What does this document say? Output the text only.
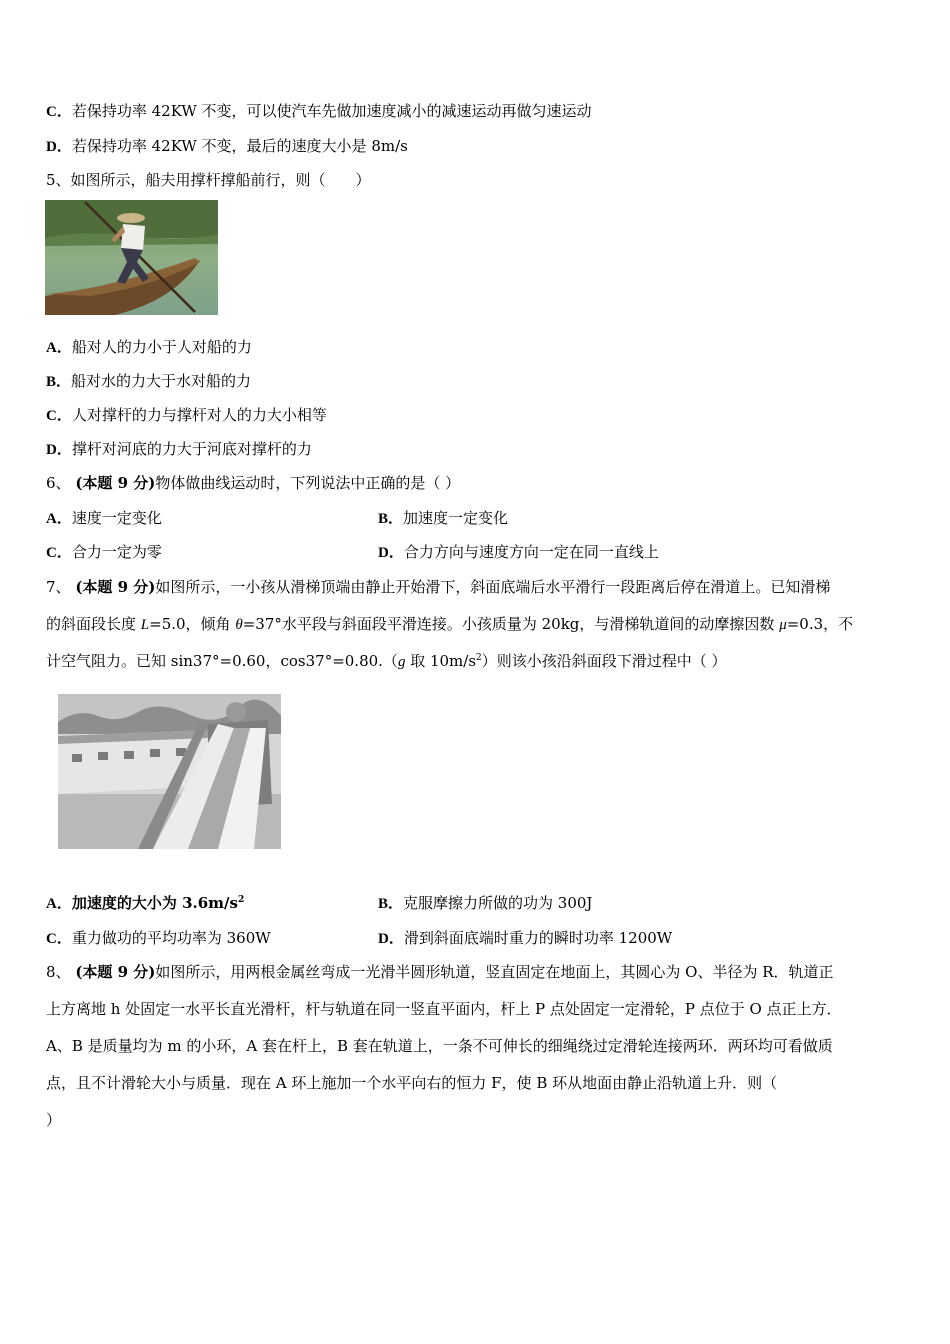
C．若保持功率 42KW 不变，可以使汽车先做加速度减小的减速运动再做匀速运动
D．若保持功率 42KW 不变，最后的速度大小是 8m/s
5、如图所示，船夫用撑杆撑船前行，则（　　）
A．船对人的力小于人对船的力
B．船对水的力大于水对船的力
C．人对撑杆的力与撑杆对人的力大小相等
D．撑杆对河底的力大于河底对撑杆的力
6、 (本题 9 分)物体做曲线运动时，下列说法中正确的是（ ）
A．速度一定变化	B．加速度一定变化
C．合力一定为零	D．合力方向与速度方向一定在同一直线上
7、 (本题 9 分)如图所示，一小孩从滑梯顶端由静止开始滑下，斜面底端后水平滑行一段距离后停在滑道上。已知滑梯
的斜面段长度 L=5.0，倾角 θ=37°水平段与斜面段平滑连接。小孩质量为 20kg，与滑梯轨道间的动摩擦因数 μ=0.3，不
计空气阻力。已知 sin37°=0.60，cos37°=0.80.（g 取 $10m/s^2$）则该小孩沿斜面段下滑过程中（ ）
A．加速度的大小为 $3.6m/s^2$	B．克服摩擦力所做的功为 300J
C．重力做功的平均功率为 360W	D．滑到斜面底端时重力的瞬时功率 1200W
8、 (本题 9 分)如图所示，用两根金属丝弯成一光滑半圆形轨道，竖直固定在地面上，其圆心为 O、半径为 R．轨道正
上方离地 h 处固定一水平长直光滑杆，杆与轨道在同一竖直平面内，杆上 P 点处固定一定滑轮，P 点位于 O 点正上方．
A、B 是质量均为 m 的小环，A 套在杆上，B 套在轨道上，一条不可伸长的细绳绕过定滑轮连接两环．两环均可看做质
点，且不计滑轮大小与质量．现在 A 环上施加一个水平向右的恒力 F，使 B 环从地面由静止沿轨道上升．则（
）
